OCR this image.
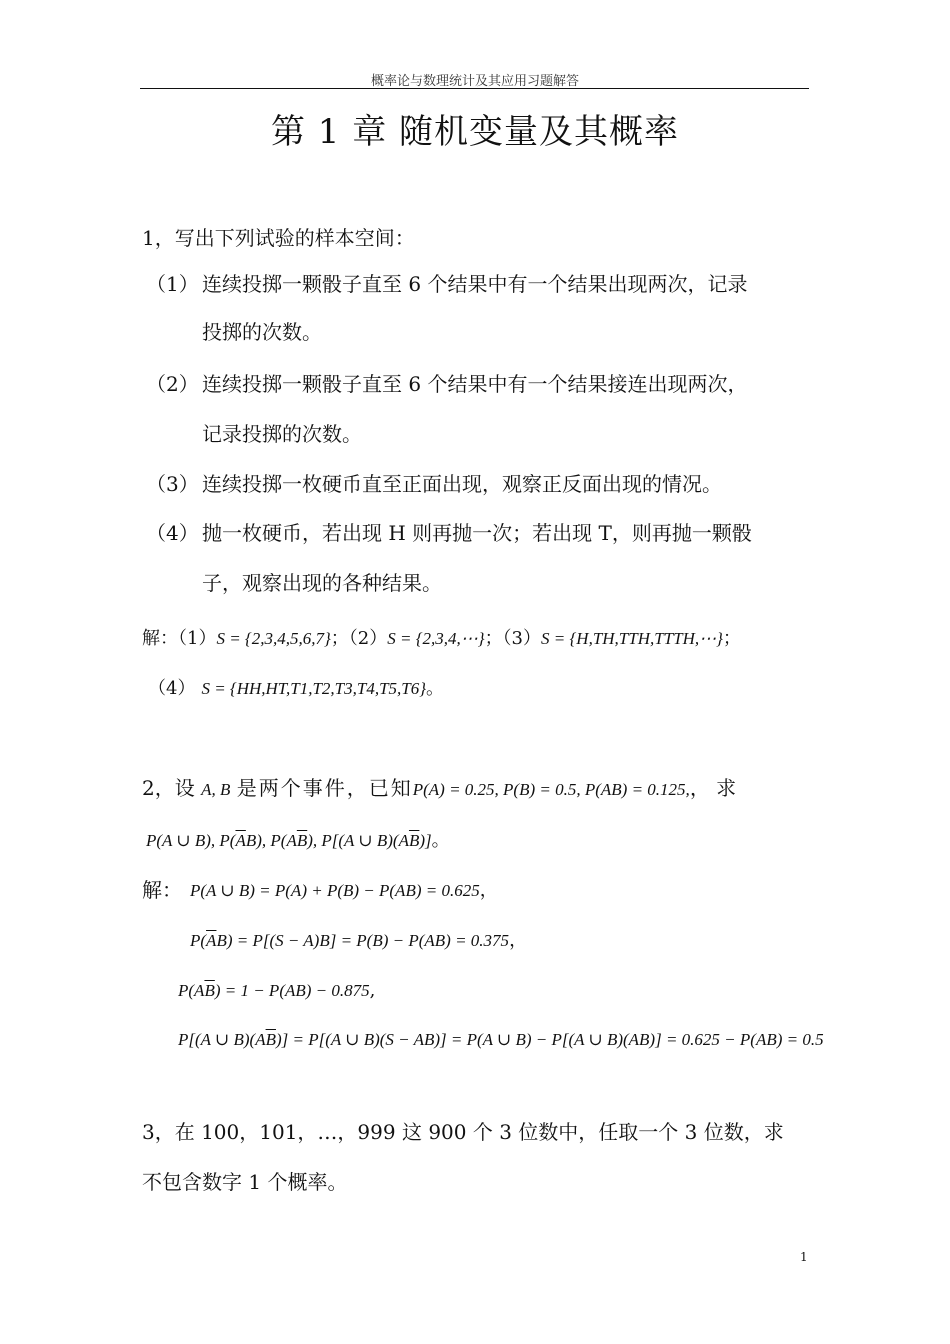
概率论与数理统计及其应用习题解答
第 1 章 随机变量及其概率
1，写出下列试验的样本空间：
（1） 连续投掷一颗骰子直至 6 个结果中有一个结果出现两次，记录
投掷的次数。
（2） 连续投掷一颗骰子直至 6 个结果中有一个结果接连出现两次，
记录投掷的次数。
（3） 连续投掷一枚硬币直至正面出现，观察正反面出现的情况。
（4） 抛一枚硬币，若出现 H 则再抛一次；若出现 T，则再抛一颗骰
子，观察出现的各种结果。
解：（1）S = {2,3,4,5,6,7}；（2）S = {2,3,4,⋯}；（3）S = {H,TH,TTH,TTTH,⋯}；
（4） S = {HH,HT,T1,T2,T3,T4,T5,T6}。
2，设 A, B 是两个事件，已知P(A) = 0.25, P(B) = 0.5, P(AB) = 0.125,， 求
P(A ∪ B), $P(\overline{A}B)$, $P(A\overline{B})$, P[(A ∪ $B)(A\overline{B})$]。
解： P(A ∪ B) = P(A) + P(B) − P(AB) = 0.625，
$P(\overline{A}B) = P[(S - A)B] = P(B) - P(AB) = 0.375$，
$P(A\overline{B}) = 1 - P(AB) - 0.875$,
P[(A ∪ $B)(A\overline{B})] = P[(A$ ∪ B)(S − AB)] = P(A ∪ B) − P[(A ∪ B)(AB)] = 0.625 − P(AB) = 0.5
3，在 100，101，…，999 这 900 个 3 位数中，任取一个 3 位数，求
不包含数字 1 个概率。
1
